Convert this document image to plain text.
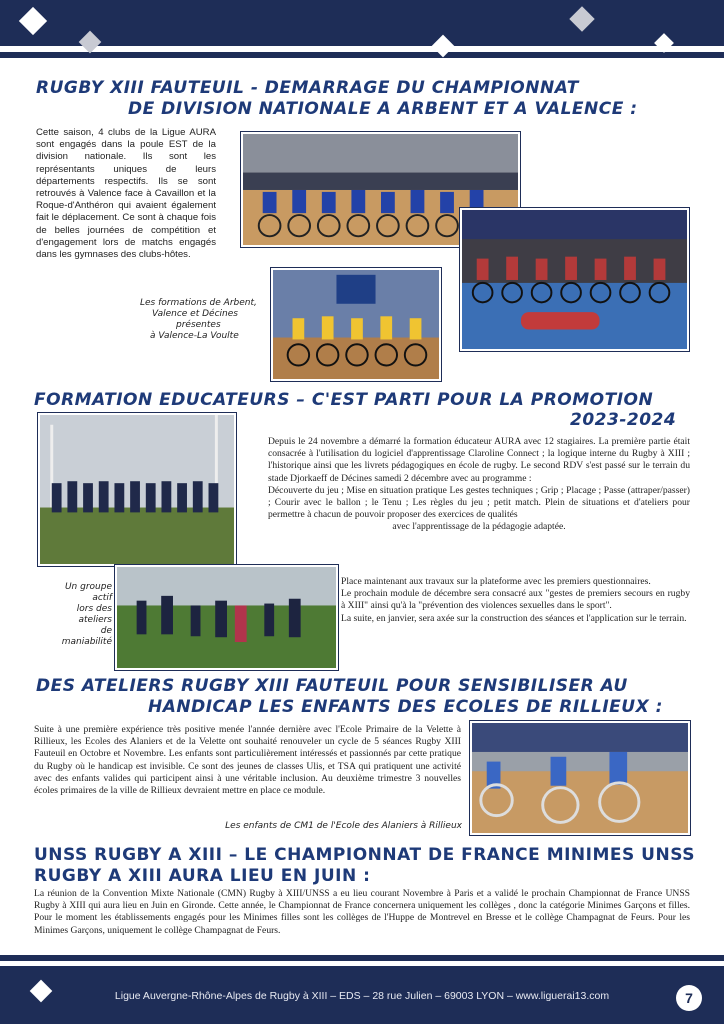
RUGBY XIII FAUTEUIL - DEMARRAGE DU CHAMPIONNAT
DE DIVISION NATIONALE A ARBENT ET A VALENCE :
Cette saison, 4 clubs de la Ligue AURA sont engagés dans la poule EST de la division nationale. Ils sont les représentants uniques de leurs départements respectifs. Ils se sont retrouvés à Valence face à Cavaillon et la Roque-d'Anthéron qui avaient également fait le déplacement. Ce sont à chaque fois de belles journées de compétition et d'engagement lors de matchs engagés dans les gymnases des clubs-hôtes.
Les formations de Arbent,
Valence et Décines
présentes
à Valence-La Voulte
FORMATION EDUCATEURS – C'EST PARTI POUR LA PROMOTION
2023-2024

Depuis le 24 novembre a démarré la formation éducateur AURA avec 12 stagiaires. La première partie était consacrée à l'utilisation du logiciel d'apprentissage Claroline Connect ; la logique interne du Rugby à XIII ; l'historique ainsi que les livrets pédagogiques en école de rugby. Le second RDV s'est passé sur le terrain du stade Djorkaeff de Décines samedi 2 décembre avec au programme :

Découverte du jeu ; Mise en situation pratique Les gestes techniques ; Grip ; Placage ; Passe (attraper/passer) ; Courir avec le ballon ; le Tenu ; Les règles du jeu ; petit match. Plein de situations et d'ateliers pour permettre à chacun de pouvoir proposer des exercices de qualités

avec l'apprentissage de la pédagogie adaptée.

Un groupe
actif
lors des ateliers
de maniabilité

Place maintenant aux travaux sur la plateforme avec les premiers questionnaires.

Le prochain module de décembre sera consacré aux "gestes de premiers secours en rugby à XIII" ainsi qu'à la "prévention des violences sexuelles dans le sport".

La suite, en janvier, sera axée sur la construction des séances et l'application sur le terrain.

DES ATELIERS RUGBY XIII FAUTEUIL POUR SENSIBILISER AU
HANDICAP LES ENFANTS DES ECOLES DE RILLIEUX :
Suite à une première expérience très positive menée l'année dernière avec l'Ecole Primaire de la Velette à Rillieux, les Ecoles des Alaniers et de la Velette ont souhaité renouveler un cycle de 5 séances Rugby XIII Fauteuil en Octobre et Novembre. Les enfants sont particulièrement intéressés et passionnés par cette pratique du Rugby où le handicap est invisible. Ce sont des jeunes de classes Ulis, et TSA qui pratiquent une activité avec des enfants valides qui participent ainsi à une véritable inclusion. Au deuxième trimestre 3 nouvelles écoles primaires de la ville de Rillieux devraient mettre en place ce module.
Les enfants de CM1 de l'Ecole des Alaniers à Rillieux
UNSS RUGBY A XIII – LE CHAMPIONNAT DE FRANCE MINIMES UNSS
RUGBY A XIII AURA LIEU EN JUIN :
La réunion de la Convention Mixte Nationale (CMN) Rugby à XIII/UNSS a eu lieu courant Novembre à Paris et a validé le prochain Championnat de France UNSS Rugby à XIII qui aura lieu en Juin en Gironde. Cette année, le Championnat de France concernera uniquement les collèges , donc la catégorie Minimes Garçons et filles. Pour le moment les établissements engagés pour les Minimes filles sont les collèges de l'Huppe de Montrevel en Bresse et le collège Champagnat de Feurs. Pour les Minimes Garçons, uniquement le collège Champagnat de Feurs.
Ligue Auvergne-Rhône-Alpes de Rugby à XIII – EDS – 28 rue Julien – 69003 LYON – www.liguerai13.com	7
